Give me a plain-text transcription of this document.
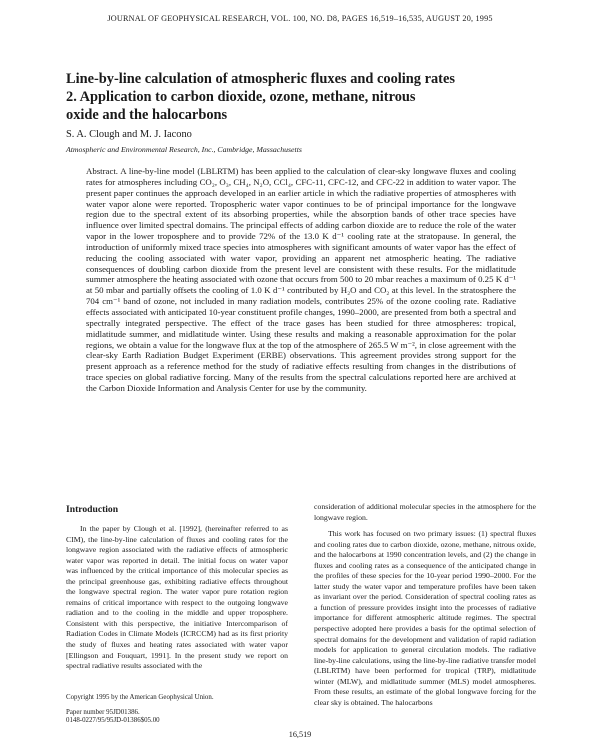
JOURNAL OF GEOPHYSICAL RESEARCH, VOL. 100, NO. D8, PAGES 16,519–16,535, AUGUST 20, 1995
Line-by-line calculation of atmospheric fluxes and cooling rates
2. Application to carbon dioxide, ozone, methane, nitrous
oxide and the halocarbons
S. A. Clough and M. J. Iacono
Atmospheric and Environmental Research, Inc., Cambridge, Massachusetts
Abstract. A line-by-line model (LBLRTM) has been applied to the calculation of clear-sky longwave fluxes and cooling rates for atmospheres including CO₂, O₃, CH₄, N₂O, CCl₄, CFC-11, CFC-12, and CFC-22 in addition to water vapor. The present paper continues the approach developed in an earlier article in which the radiative properties of atmospheres with water vapor alone were reported. Tropospheric water vapor continues to be of principal importance for the longwave region due to the spectral extent of its absorbing properties, while the absorption bands of other trace species have influence over limited spectral domains. The principal effects of adding carbon dioxide are to reduce the role of the water vapor in the lower troposphere and to provide 72% of the 13.0 K d⁻¹ cooling rate at the stratopause. In general, the introduction of uniformly mixed trace species into atmospheres with significant amounts of water vapor has the effect of reducing the cooling associated with water vapor, providing an apparent net atmospheric heating. The radiative consequences of doubling carbon dioxide from the present level are consistent with these results. For the midlatitude summer atmosphere the heating associated with ozone that occurs from 500 to 20 mbar reaches a maximum of 0.25 K d⁻¹ at 50 mbar and partially offsets the cooling of 1.0 K d⁻¹ contributed by H₂O and CO₂ at this level. In the stratosphere the 704 cm⁻¹ band of ozone, not included in many radiation models, contributes 25% of the ozone cooling rate. Radiative effects associated with anticipated 10-year constituent profile changes, 1990–2000, are presented from both a spectral and spectrally integrated perspective. The effect of the trace gases has been studied for three atmospheres: tropical, midlatitude summer, and midlatitude winter. Using these results and making a reasonable approximation for the polar regions, we obtain a value for the longwave flux at the top of the atmosphere of 265.5 W m⁻², in close agreement with the clear-sky Earth Radiation Budget Experiment (ERBE) observations. This agreement provides strong support for the present approach as a reference method for the study of radiative effects resulting from changes in the distributions of trace species on global radiative forcing. Many of the results from the spectral calculations reported here are archived at the Carbon Dioxide Information and Analysis Center for use by the community.
Introduction
In the paper by Clough et al. [1992], (hereinafter referred to as CIM), the line-by-line calculation of fluxes and cooling rates for the longwave region associated with the radiative effects of atmospheric water vapor was reported in detail. The initial focus on water vapor was influenced by the critical importance of this molecular species as the principal greenhouse gas, exhibiting radiative effects throughout the longwave spectral region. The water vapor pure rotation region remains of critical importance with respect to the outgoing longwave radiation and to the cooling in the middle and upper troposphere. Consistent with this perspective, the initiative Intercomparison of Radiation Codes in Climate Models (ICRCCM) had as its first priority the study of fluxes and heating rates associated with water vapor [Ellingson and Fouquart, 1991]. In the present study we report on spectral radiative results associated with the
consideration of additional molecular species in the atmosphere for the longwave region.
This work has focused on two primary issues: (1) spectral fluxes and cooling rates due to carbon dioxide, ozone, methane, nitrous oxide, and the halocarbons at 1990 concentration levels, and (2) the change in fluxes and cooling rates as a consequence of the anticipated change in the profiles of these species for the 10-year period 1990–2000. For the latter study the water vapor and temperature profiles have been taken as invariant over the period. Consideration of spectral cooling rates as a function of pressure provides insight into the processes of radiative importance for different atmospheric altitude regimes. The spectral perspective adopted here provides a basis for the optimal selection of spectral domains for the development and validation of rapid radiation models for application to general circulation models. The radiative line-by-line calculations, using the line-by-line radiative transfer model (LBLRTM) have been performed for tropical (TRP), midlatitude winter (MLW), and midlatitude summer (MLS) model atmospheres. From these results, an estimate of the global longwave forcing for the clear sky is obtained. The halocarbons
Copyright 1995 by the American Geophysical Union.
Paper number 95JD01386.
0148-0227/95/95JD-01386$05.00
16,519
